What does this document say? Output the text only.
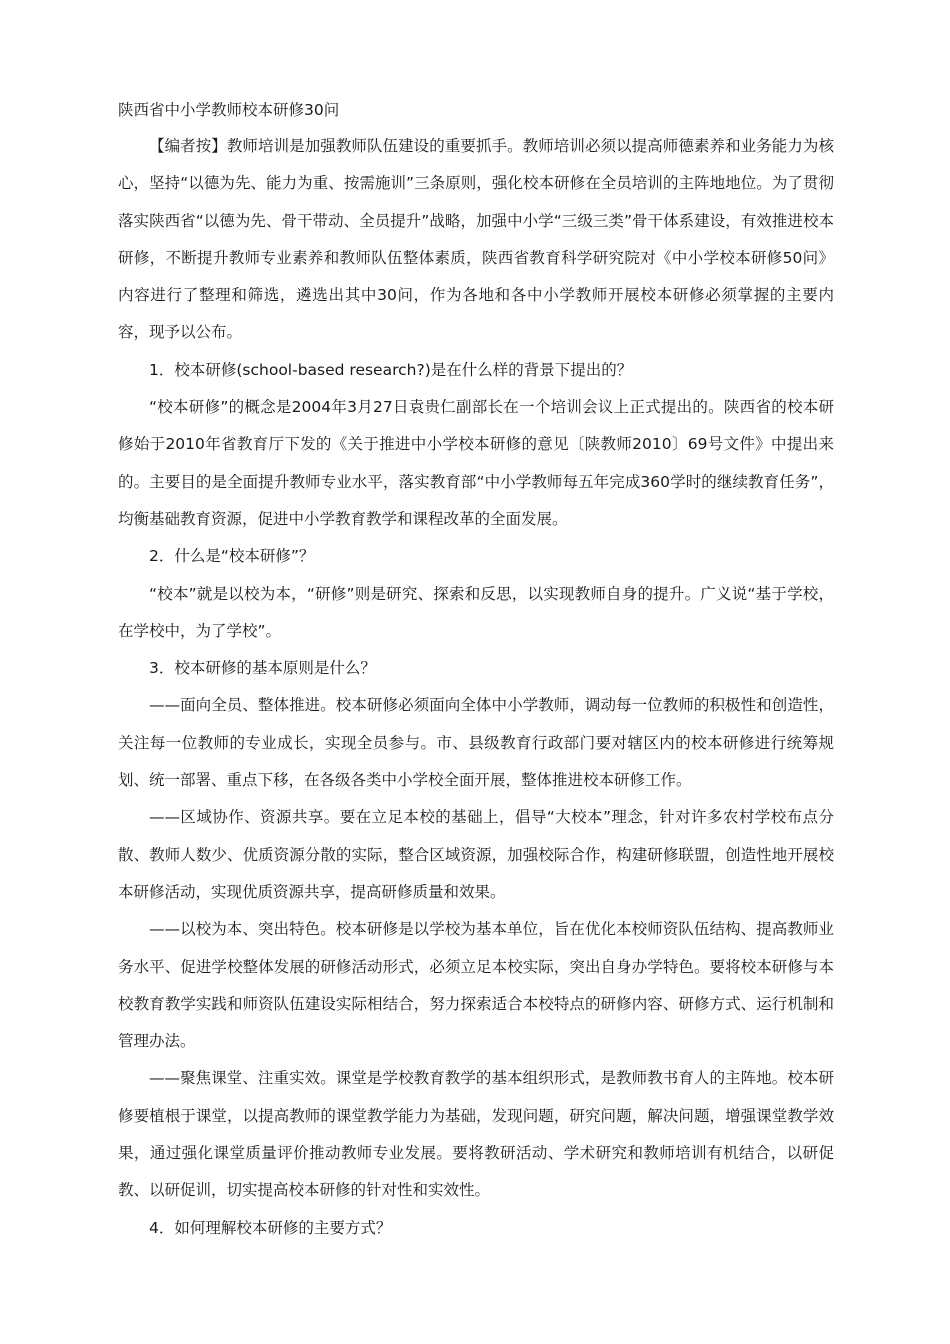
陕西省中小学教师校本研修30问

【编者按】教师培训是加强教师队伍建设的重要抓手。教师培训必须以提高师德素养和业务能力为核心，坚持“以德为先、能力为重、按需施训”三条原则，强化校本研修在全员培训的主阵地地位。为了贯彻落实陕西省“以德为先、骨干带动、全员提升”战略，加强中小学“三级三类”骨干体系建设，有效推进校本研修，不断提升教师专业素养和教师队伍整体素质，陕西省教育科学研究院对《中小学校本研修50问》内容进行了整理和筛选，遴选出其中30问，作为各地和各中小学教师开展校本研修必须掌握的主要内容，现予以公布。

1．校本研修(school-based research?)是在什么样的背景下提出的？

“校本研修”的概念是2004年3月27日袁贵仁副部长在一个培训会议上正式提出的。陕西省的校本研修始于2010年省教育厅下发的《关于推进中小学校本研修的意见〔陕教师2010〕69号文件》中提出来的。主要目的是全面提升教师专业水平，落实教育部“中小学教师每五年完成360学时的继续教育任务”，均衡基础教育资源，促进中小学教育教学和课程改革的全面发展。

2．什么是“校本研修”？

“校本”就是以校为本，“研修”则是研究、探索和反思，以实现教师自身的提升。广义说“基于学校，在学校中，为了学校”。

3．校本研修的基本原则是什么？

——面向全员、整体推进。校本研修必须面向全体中小学教师，调动每一位教师的积极性和创造性，关注每一位教师的专业成长，实现全员参与。市、县级教育行政部门要对辖区内的校本研修进行统筹规划、统一部署、重点下移，在各级各类中小学校全面开展，整体推进校本研修工作。

——区域协作、资源共享。要在立足本校的基础上，倡导“大校本”理念，针对许多农村学校布点分散、教师人数少、优质资源分散的实际，整合区域资源，加强校际合作，构建研修联盟，创造性地开展校本研修活动，实现优质资源共享，提高研修质量和效果。

——以校为本、突出特色。校本研修是以学校为基本单位，旨在优化本校师资队伍结构、提高教师业务水平、促进学校整体发展的研修活动形式，必须立足本校实际，突出自身办学特色。要将校本研修与本校教育教学实践和师资队伍建设实际相结合，努力探索适合本校特点的研修内容、研修方式、运行机制和管理办法。

——聚焦课堂、注重实效。课堂是学校教育教学的基本组织形式，是教师教书育人的主阵地。校本研修要植根于课堂，以提高教师的课堂教学能力为基础，发现问题，研究问题，解决问题，增强课堂教学效果，通过强化课堂质量评价推动教师专业发展。要将教研活动、学术研究和教师培训有机结合，以研促教、以研促训，切实提高校本研修的针对性和实效性。

4．如何理解校本研修的主要方式？
